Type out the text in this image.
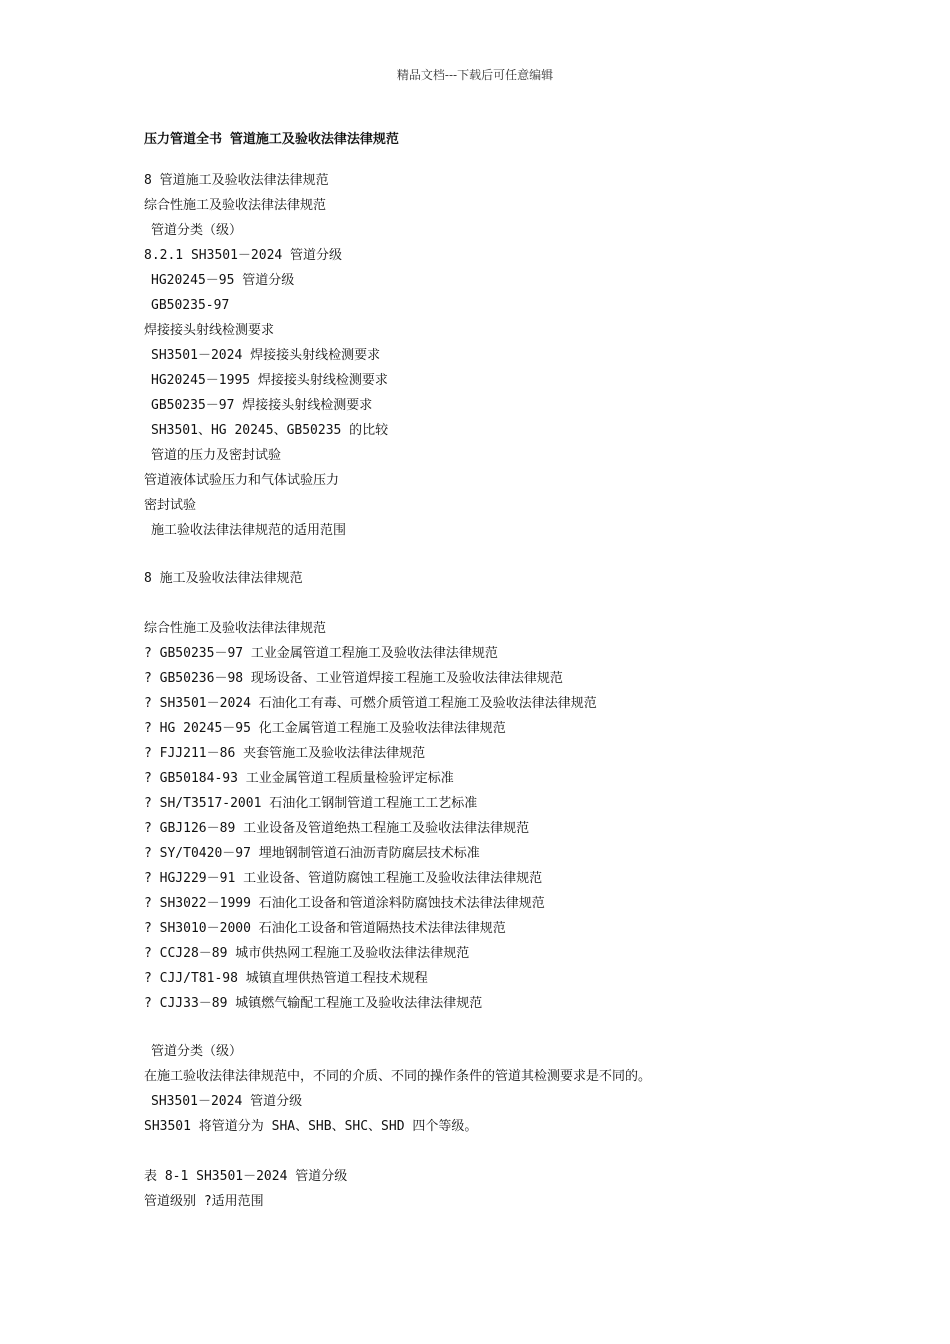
精品文档---下载后可任意编辑
压力管道全书 管道施工及验收法律法律规范
8 管道施工及验收法律法律规范
综合性施工及验收法律法律规范
管道分类（级）
8.2.1 SH3501－2024 管道分级
HG20245－95 管道分级
GB50235-97
焊接接头射线检测要求
SH3501－2024 焊接接头射线检测要求
HG20245－1995 焊接接头射线检测要求
GB50235－97 焊接接头射线检测要求
SH3501、HG 20245、GB50235 的比较
管道的压力及密封试验
管道液体试验压力和气体试验压力
密封试验
施工验收法律法律规范的适用范围
8 施工及验收法律法律规范
综合性施工及验收法律法律规范
? GB50235－97 工业金属管道工程施工及验收法律法律规范
? GB50236－98 现场设备、工业管道焊接工程施工及验收法律法律规范
? SH3501－2024 石油化工有毒、可燃介质管道工程施工及验收法律法律规范
? HG 20245－95 化工金属管道工程施工及验收法律法律规范
? FJJ211－86 夹套管施工及验收法律法律规范
? GB50184-93 工业金属管道工程质量检验评定标准
? SH/T3517-2001 石油化工钢制管道工程施工工艺标准
? GBJ126－89 工业设备及管道绝热工程施工及验收法律法律规范
? SY/T0420－97 埋地钢制管道石油沥青防腐层技术标准
? HGJ229－91 工业设备、管道防腐蚀工程施工及验收法律法律规范
? SH3022－1999 石油化工设备和管道涂料防腐蚀技术法律法律规范
? SH3010－2000 石油化工设备和管道隔热技术法律法律规范
? CCJ28－89 城市供热网工程施工及验收法律法律规范
? CJJ/T81-98 城镇直埋供热管道工程技术规程
? CJJ33－89 城镇燃气输配工程施工及验收法律法律规范
管道分类（级）
在施工验收法律法律规范中，不同的介质、不同的操作条件的管道其检测要求是不同的。
SH3501－2024 管道分级
SH3501 将管道分为 SHA、SHB、SHC、SHD 四个等级。
表 8-1 SH3501－2024 管道分级
管道级别 ?适用范围
